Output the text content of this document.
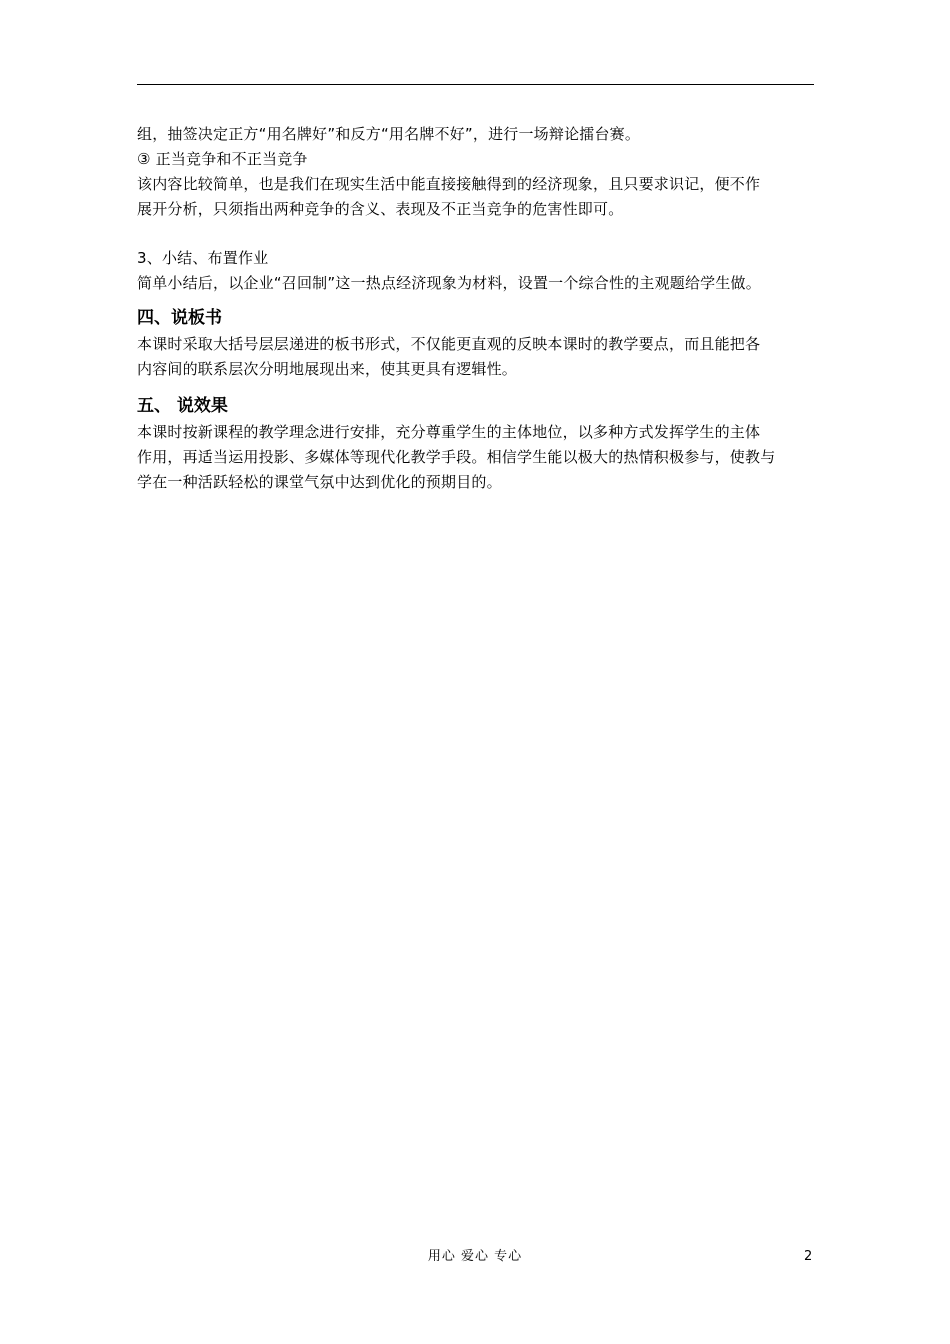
组，抽签决定正方“用名牌好”和反方“用名牌不好”，进行一场辩论擂台赛。
③ 正当竞争和不正当竞争
该内容比较简单，也是我们在现实生活中能直接接触得到的经济现象，且只要求识记，便不作
展开分析，只须指出两种竞争的含义、表现及不正当竞争的危害性即可。
3、小结、布置作业
简单小结后，以企业“召回制”这一热点经济现象为材料，设置一个综合性的主观题给学生做。
四、说板书
本课时采取大括号层层递进的板书形式，不仅能更直观的反映本课时的教学要点，而且能把各
内容间的联系层次分明地展现出来，使其更具有逻辑性。
五、 说效果
本课时按新课程的教学理念进行安排，充分尊重学生的主体地位，以多种方式发挥学生的主体
作用，再适当运用投影、多媒体等现代化教学手段。相信学生能以极大的热情积极参与，使教与
学在一种活跃轻松的课堂气氛中达到优化的预期目的。
用心 爱心 专心	2
